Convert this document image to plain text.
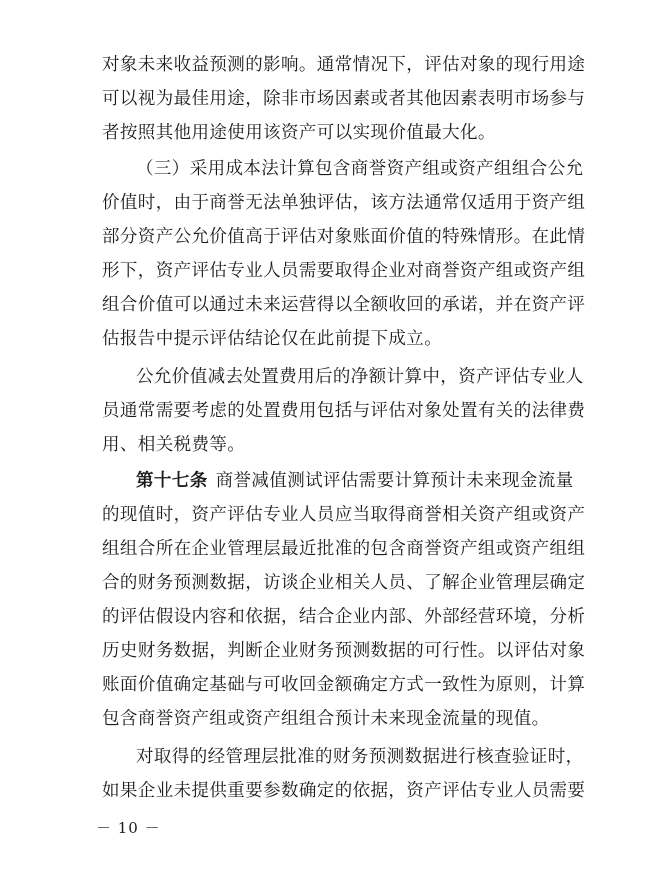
对象未来收益预测的影响。通常情况下，评估对象的现行用途
可以视为最佳用途，除非市场因素或者其他因素表明市场参与
者按照其他用途使用该资产可以实现价值最大化。
（三）采用成本法计算包含商誉资产组或资产组组合公允
价值时，由于商誉无法单独评估，该方法通常仅适用于资产组
部分资产公允价值高于评估对象账面价值的特殊情形。在此情
形下，资产评估专业人员需要取得企业对商誉资产组或资产组
组合价值可以通过未来运营得以全额收回的承诺，并在资产评
估报告中提示评估结论仅在此前提下成立。
公允价值减去处置费用后的净额计算中，资产评估专业人
员通常需要考虑的处置费用包括与评估对象处置有关的法律费
用、相关税费等。
第十七条 商誉减值测试评估需要计算预计未来现金流量
的现值时，资产评估专业人员应当取得商誉相关资产组或资产
组组合所在企业管理层最近批准的包含商誉资产组或资产组组
合的财务预测数据，访谈企业相关人员、了解企业管理层确定
的评估假设内容和依据，结合企业内部、外部经营环境，分析
历史财务数据，判断企业财务预测数据的可行性。以评估对象
账面价值确定基础与可收回金额确定方式一致性为原则，计算
包含商誉资产组或资产组组合预计未来现金流量的现值。
对取得的经管理层批准的财务预测数据进行核查验证时，
如果企业未提供重要参数确定的依据，资产评估专业人员需要
－ 10 －
